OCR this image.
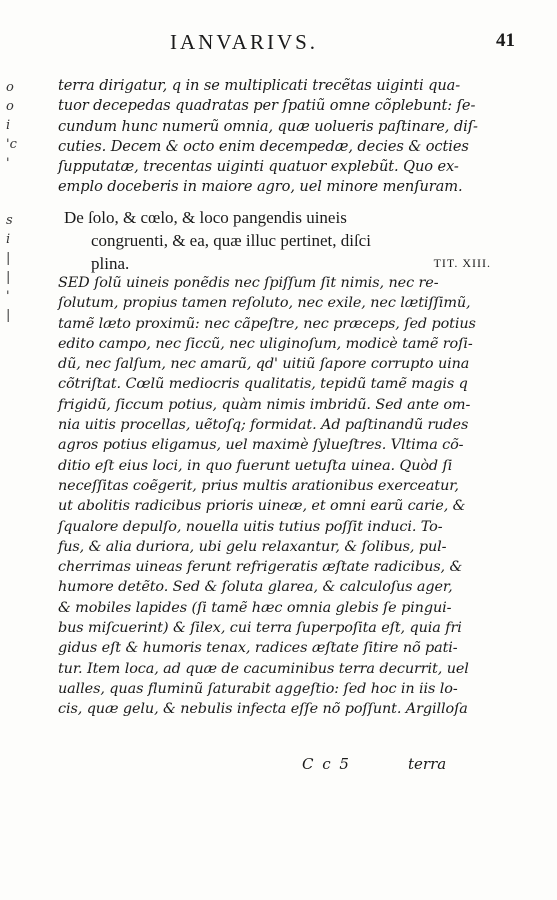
IANVARIVS.	41
o
o
i
'c
'
s
i
|
|
'
|
terra dirigatur, q in se multiplicati trecẽtas uiginti qua-
tuor decepedas quadratas per ſpatiũ omne cõplebunt: ſe-
cundum hunc numerũ omnia, quæ uolueris paſtinare, diſ-
cuties. Decem & octo enim decempedæ, decies & octies
ſupputatæ, trecentas uiginti quatuor explebũt. Quo ex-
emplo doceberis in maiore agro, uel minore menſuram.
De ſolo, & cœlo, & loco pangendis uineis
congruenti, & ea, quæ illuc pertinet, diſci
plina.	TIT. XIII.
SED ſolũ uineis ponẽdis nec ſpiſſum ſit nimis, nec re-
ſolutum, propius tamen reſoluto, nec exile, nec lætiſſimũ,
tamẽ læto proximũ: nec cãpeſtre, nec præceps, ſed potius
edito campo, nec ſiccũ, nec uliginoſum, modicè tamẽ roſi-
dũ, nec ſalſum, nec amarũ, qd' uitiũ ſapore corrupto uina
cõtriſtat. Cœlũ mediocris qualitatis, tepidũ tamẽ magis q
frigidũ, ſiccum potius, quàm nimis imbridũ. Sed ante om-
nia uitis procellas, uẽtoſq; formidat. Ad paſtinandũ rudes
agros potius eligamus, uel maximè ſylueſtres. Vltima cõ-
ditio eſt eius loci, in quo fuerunt uetuſta uinea. Quòd ſi
neceſſitas coẽgerit, prius multis arationibus exerceatur,
ut abolitis radicibus prioris uineæ, et omni earũ carie, &
ſqualore depulſo, nouella uitis tutius poſſit induci. To-
fus, & alia duriora, ubi gelu relaxantur, & ſolibus, pul-
cherrimas uineas ferunt refrigeratis æſtate radicibus, &
humore detẽto. Sed & ſoluta glarea, & calculoſus ager,
& mobiles lapides (ſi tamẽ hæc omnia glebis ſe pingui-
bus miſcuerint) & ſilex, cui terra ſuperpoſita eſt, quia fri
gidus eſt & humoris tenax, radices æſtate ſitire nõ pati-
tur. Item loca, ad quæ de cacuminibus terra decurrit, uel
ualles, quas fluminũ ſaturabit aggeſtio: ſed hoc in iis lo-
cis, quæ gelu, & nebulis infecta eſſe nõ poſſunt. Argilloſa
C c 5	terra
